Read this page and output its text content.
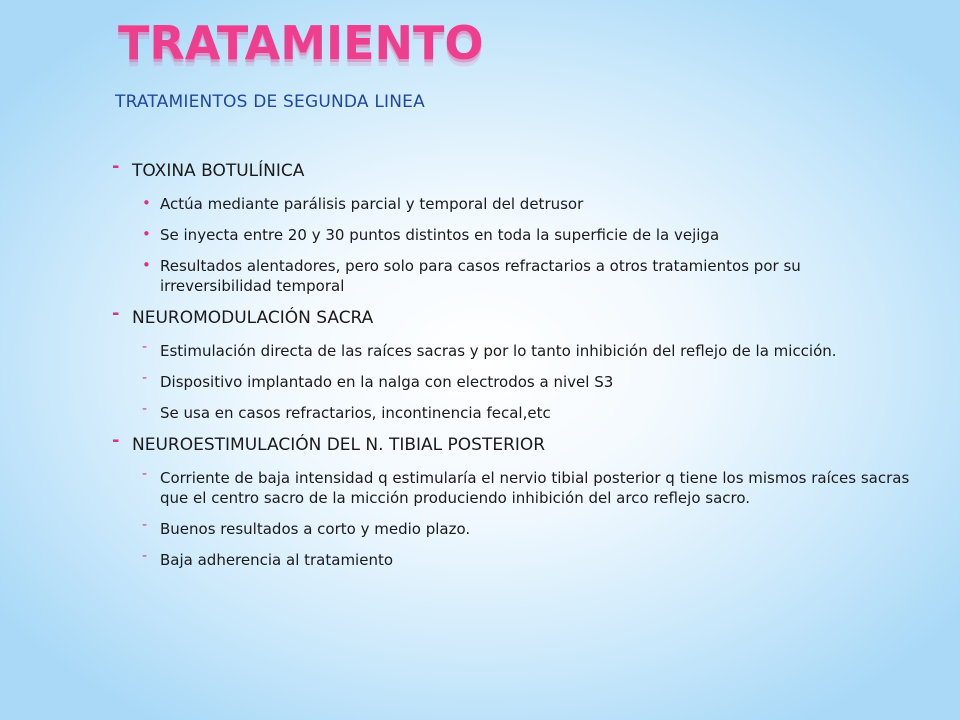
TRATAMIENTO
TRATAMIENTOS DE SEGUNDA LINEA
- TOXINA BOTULÍNICA
• Actúa mediante parálisis parcial y temporal del detrusor
• Se inyecta entre 20 y 30 puntos distintos en toda la superficie de la vejiga
• Resultados alentadores, pero solo para casos refractarios a otros tratamientos por su irreversibilidad temporal
- NEUROMODULACIÓN SACRA
- Estimulación directa de las raíces sacras y por lo tanto inhibición del reflejo de la micción.
- Dispositivo implantado en la nalga con electrodos a nivel S3
- Se usa en casos refractarios, incontinencia fecal,etc
- NEUROESTIMULACIÓN DEL N. TIBIAL POSTERIOR
- Corriente de baja intensidad q estimularía el nervio tibial posterior q tiene los mismos raíces sacras que el centro sacro de la micción produciendo inhibición del arco reflejo sacro.
- Buenos resultados a corto y medio plazo.
- Baja adherencia al tratamiento
